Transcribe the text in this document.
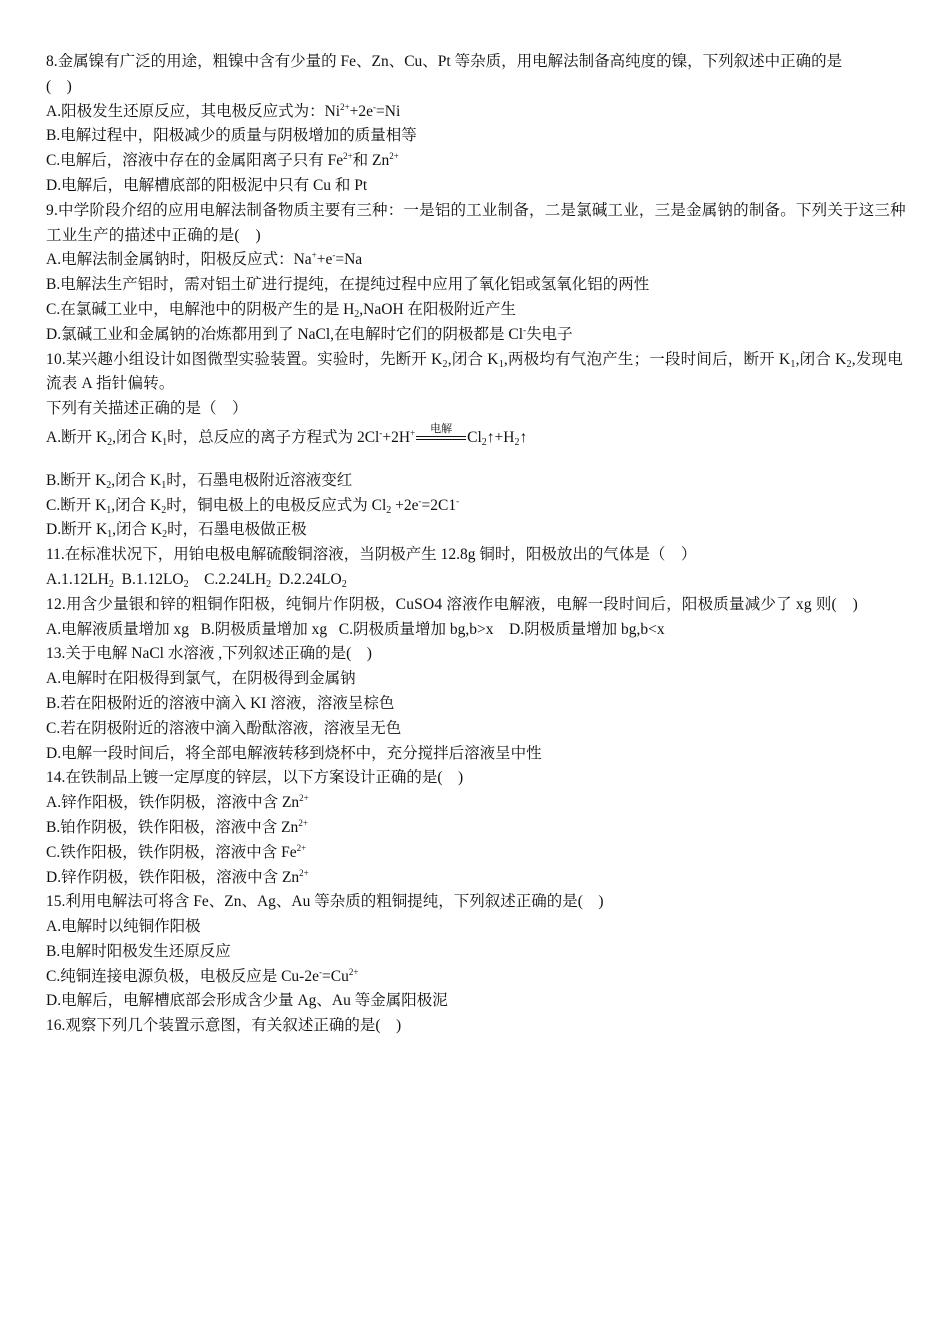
8.金属镍有广泛的用途，粗镍中含有少量的 Fe、Zn、Cu、Pt 等杂质，用电解法制备高纯度的镍，下列叙述中正确的是
(　)
A.阳极发生还原反应，其电极反应式为：$Ni^{2+}+2e^-=Ni$
B.电解过程中，阳极减少的质量与阴极增加的质量相等
C.电解后，溶液中存在的金属阳离子只有 $Fe^{2+}$和 $Zn^{2+}$
D.电解后，电解槽底部的阳极泥中只有 Cu 和 Pt
9.中学阶段介绍的应用电解法制备物质主要有三种：一是铝的工业制备，二是氯碱工业，三是金属钠的制备。下列关于这三种工业生产的描述中正确的是(　)
A.电解法制金属钠时，阳极反应式：Na++e-=Na
B.电解法生产铝时，需对铝土矿进行提纯，在提纯过程中应用了氧化铝或氢氧化铝的两性
C.在氯碱工业中，电解池中的阴极产生的是 $H_2,NaOH$ 在阳极附近产生
D.氯碱工业和金属钠的冶炼都用到了 NaCl,在电解时它们的阴极都是 Cl-失电子
10.某兴趣小组设计如图微型实验装置。实验时，先断开 $K_2$,闭合 $K_1$,两极均有气泡产生；一段时间后，断开 $K_1$,闭合 $K_2$,发现电流表 A 指针偏转。
下列有关描述正确的是（　）
A.断开 $K_2$,闭合 $K_1$时，总反应的离子方程式为 2Cl-+2H+	电解 $Cl_2↑+H_2↑$
B.断开 $K_2$,闭合 $K_1$时，石墨电极附近溶液变红
C.断开 $K_1$,闭合 $K_2$时，铜电极上的电极反应式为 $Cl_2 +2e^-=2C1^-$
D.断开 $K_1$,闭合 $K_2$时，石墨电极做正极
11.在标准状况下，用铂电极电解硫酸铜溶液，当阴极产生 12.8g 铜时，阳极放出的气体是（　）
$A.1.12LH_2$ $B.1.12LO_2$ $C.2.24LH_2$ $D.2.24LO_2$
12.用含少量银和锌的粗铜作阳极，纯铜片作阴极，CuSO4 溶液作电解液，电解一段时间后，阳极质量减少了 xg 则(　)
A.电解液质量增加 xg B.阴极质量增加 xg C.阴极质量增加 bg,b>x D.阴极质量增加 bg,b<x
13.关于电解 NaCl 水溶液 ,下列叙述正确的是(　)
A.电解时在阳极得到氯气，在阴极得到金属钠
B.若在阳极附近的溶液中滴入 KI 溶液，溶液呈棕色
C.若在阴极附近的溶液中滴入酚酞溶液，溶液呈无色
D.电解一段时间后，将全部电解液转移到烧杯中，充分搅拌后溶液呈中性
14.在铁制品上镀一定厚度的锌层，以下方案设计正确的是(　)
A.锌作阳极，铁作阴极，溶液中含 $Zn^{2+}$
B.铂作阴极，铁作阳极，溶液中含 $Zn^{2+}$
C.铁作阳极，铁作阴极，溶液中含 $Fe^{2+}$
D.锌作阴极，铁作阳极，溶液中含 $Zn^{2+}$
15.利用电解法可将含 Fe、Zn、Ag、Au 等杂质的粗铜提纯，下列叙述正确的是(　)
A.电解时以纯铜作阳极
B.电解时阳极发生还原反应
C.纯铜连接电源负极，电极反应是 $Cu-2e^-=Cu^{2+}$
D.电解后，电解槽底部会形成含少量 Ag、Au 等金属阳极泥
16.观察下列几个装置示意图，有关叙述正确的是(　)
